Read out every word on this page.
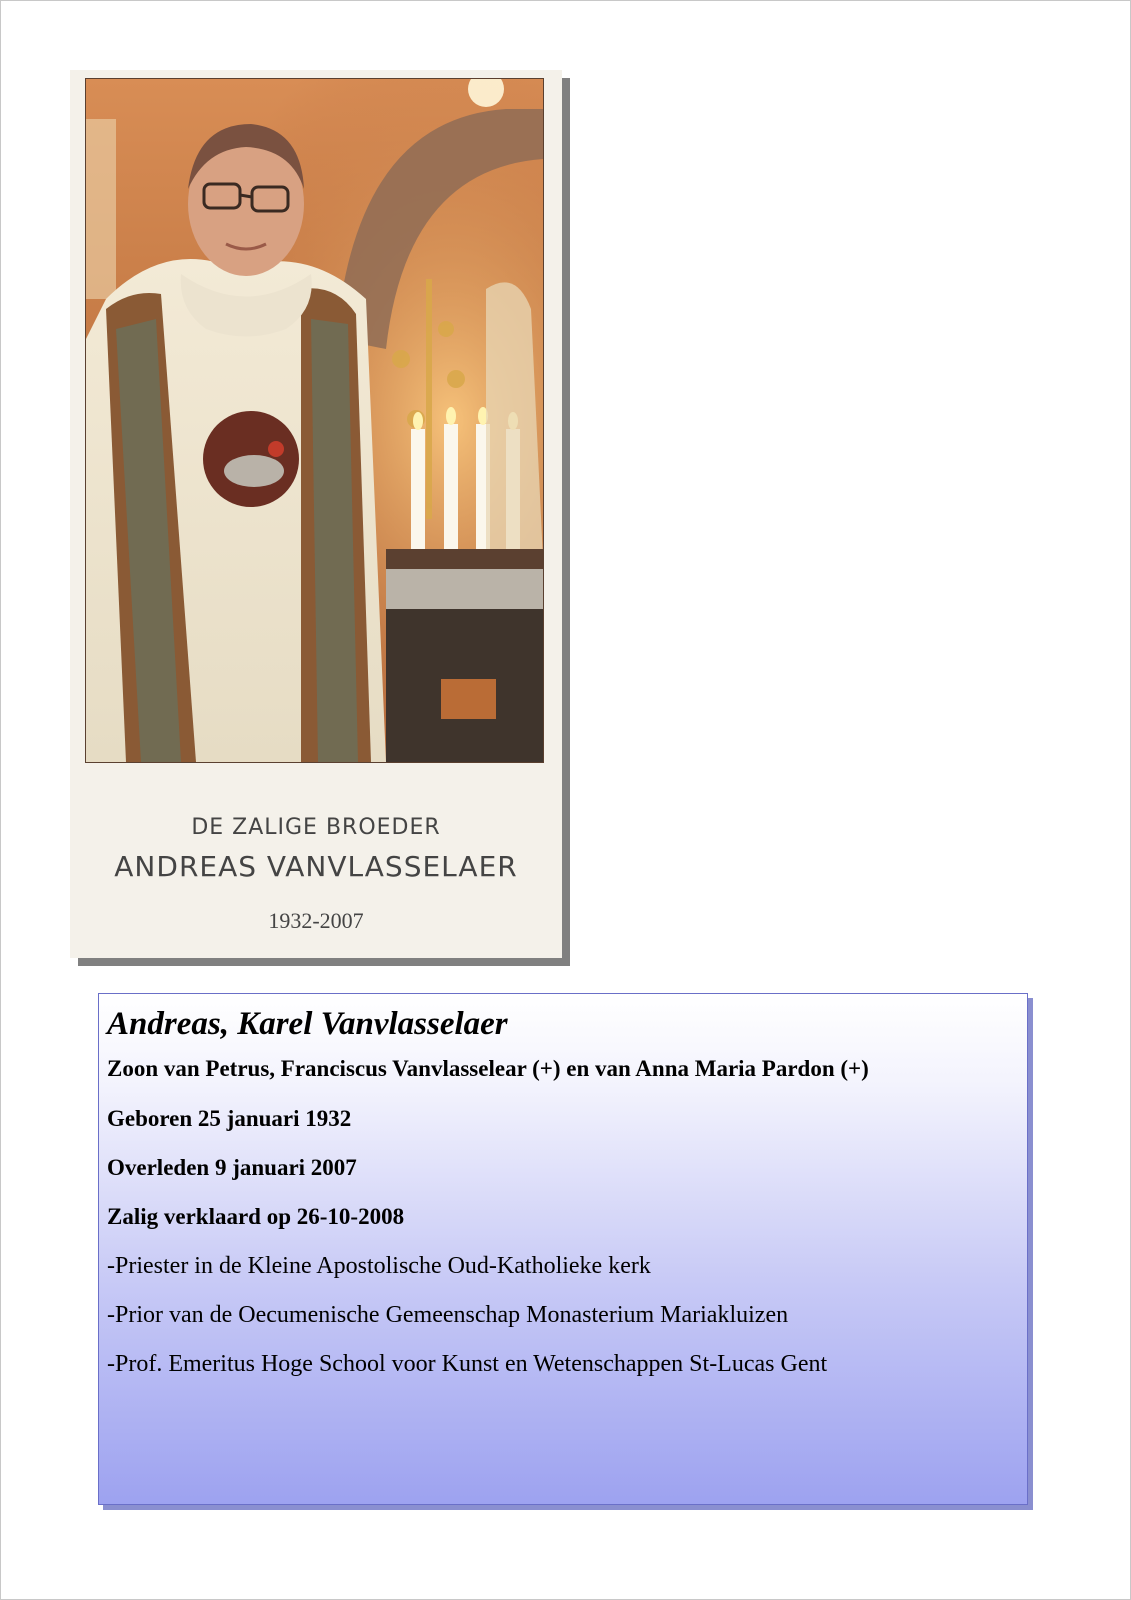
DE ZALIGE BROEDER
ANDREAS VANVLASSELAER
1932-2007
Andreas, Karel Vanvlasselaer
Zoon van Petrus, Franciscus Vanvlasselear (+) en van Anna Maria Pardon (+)
Geboren 25 januari 1932
Overleden 9 januari 2007
Zalig verklaard op 26-10-2008
-Priester in de Kleine Apostolische Oud-Katholieke kerk
-Prior van de Oecumenische Gemeenschap Monasterium Mariakluizen
-Prof. Emeritus Hoge School voor Kunst en Wetenschappen St-Lucas Gent
